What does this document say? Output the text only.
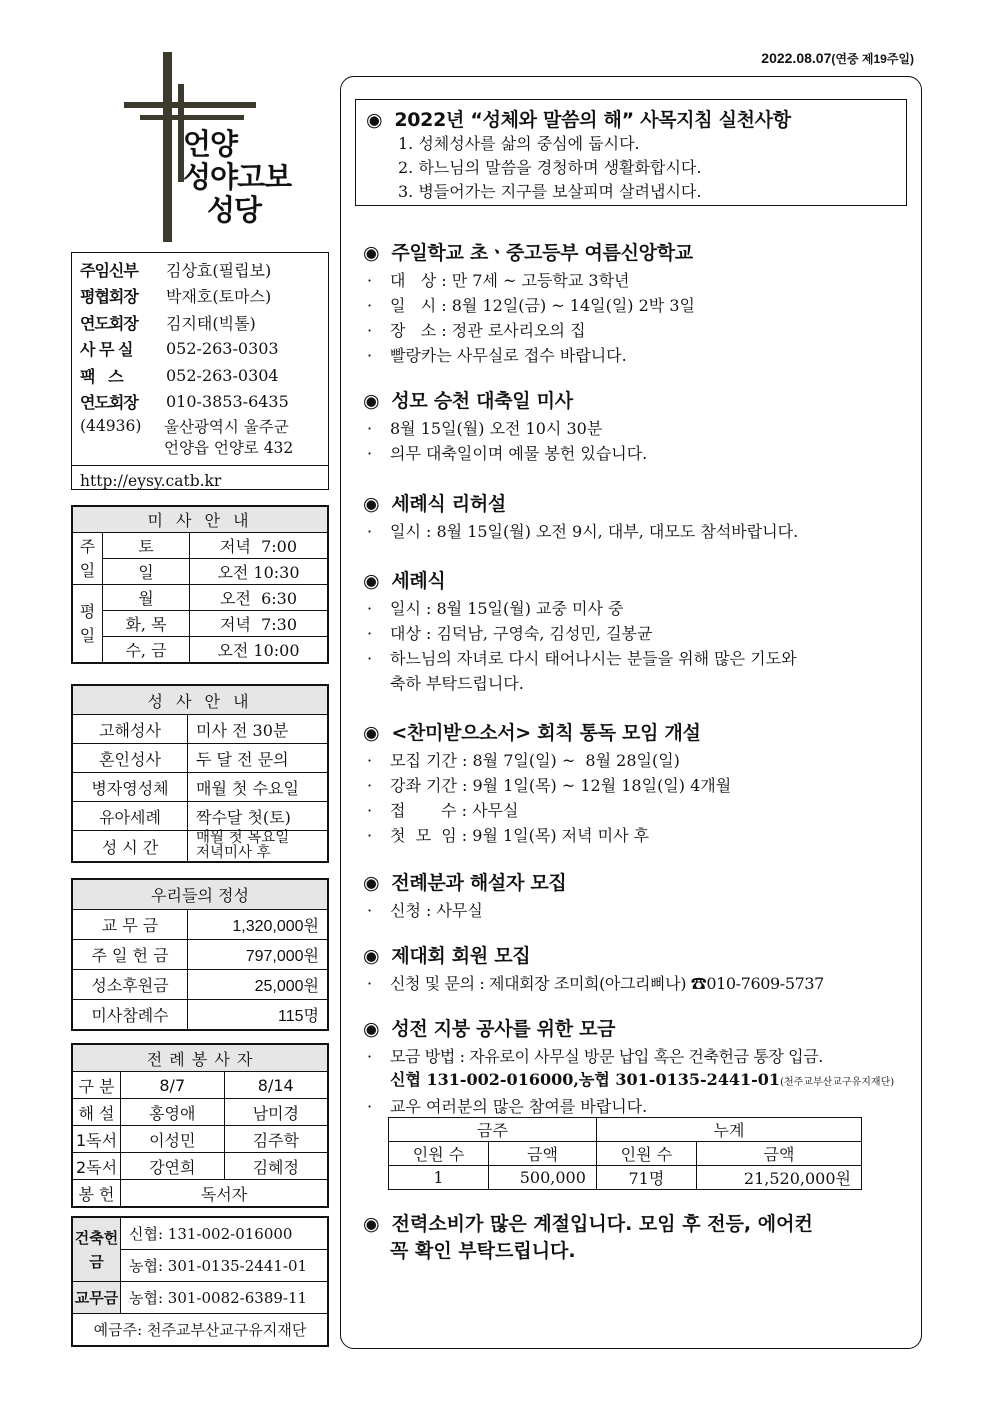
2022.08.07(연중 제19주일)
언양
성야고보
성당
주임신부	김상효(필립보)
평협회장	박재호(토마스)
연도회장	김지태(빅톨)
사 무 실	052-263-0303
팩   스	052-263-0304
연도회장	010-3853-6435
(44936)	울산광역시 울주군
언양읍 언양로 432
http://eysy.catb.kr
미 사 안 내		
주일	토	저녁  7:00
	일	오전 10:30
평일	월	오전  6:30
	화, 목	저녁  7:30
	수, 금	오전 10:00
성 사 안 내	
고해성사	미사 전 30분
혼인성사	두 달 전 문의
병자영성체	매월 첫 수요일
유아세례	짝수달 첫(토)
성 시 간	매월 첫 목요일
저녁미사 후
우리들의 정성	
교 무 금	1,320,000원
주 일 헌 금	797,000원
성소후원금	25,000원
미사참례수	115명
전 례 봉 사 자		
구 분	8/7	8/14
해 설	홍영애	남미경
1독서	이성민	김주학
2독서	강연희	김혜정
봉 헌	독서자	
건축헌금	신협: 131-002-016000
	농협: 301-0135-2441-01
교무금	농협: 301-0082-6389-11
예금주: 천주교부산교구유지재단	
◉ 2022년 “성체와 말씀의 해” 사목지침 실천사항
1. 성체성사를 삶의 중심에 둡시다.
2. 하느님의 말씀을 경청하며 생활화합시다.
3. 병들어가는 지구를 보살피며 살려냅시다.
◉ 주일학교 초ㆍ중고등부 여름신앙학교
·	대   상 : 만 7세 ~ 고등학교 3학년
·	일   시 : 8월 12일(금) ~ 14일(일) 2박 3일
·	장   소 : 정관 로사리오의 집
·	빨랑카는 사무실로 접수 바랍니다.
◉ 성모 승천 대축일 미사
·	8월 15일(월) 오전 10시 30분
·	의무 대축일이며 예물 봉헌 있습니다.
◉ 세례식 리허설
·	일시 : 8월 15일(월) 오전 9시, 대부, 대모도 참석바랍니다.
◉ 세례식
·	일시 : 8월 15일(월) 교중 미사 중
·	대상 : 김덕남, 구영숙, 김성민, 길봉균
·	하느님의 자녀로 다시 태어나시는 분들을 위해 많은 기도와
축하 부탁드립니다.
◉ <찬미받으소서> 회칙 통독 모임 개설
·	모집 기간 : 8월 7일(일) ~  8월 28일(일)
·	강좌 기간 : 9월 1일(목) ~ 12월 18일(일) 4개월
·	접       수 : 사무실
·	첫  모  임 : 9월 1일(목) 저녁 미사 후
◉ 전례분과 해설자 모집
·	신청 : 사무실
◉ 제대회 회원 모집
·	신청 및 문의 : 제대회장 조미희(아그리삐나) ☎010-7609-5737
◉ 성전 지붕 공사를 위한 모금
·	모금 방법 : 자유로이 사무실 방문 납입 혹은 건축헌금 통장 입금.
신협 131-002-016000,농협 301-0135-2441-01(천주교부산교구유지재단)
·	교우 여러분의 많은 참여를 바랍니다.
금주		누계	
인원 수	금액	인원 수	금액
1	500,000	71명	21,520,000원
◉ 전력소비가 많은 계절입니다. 모임 후 전등, 에어컨
꼭 확인 부탁드립니다.
